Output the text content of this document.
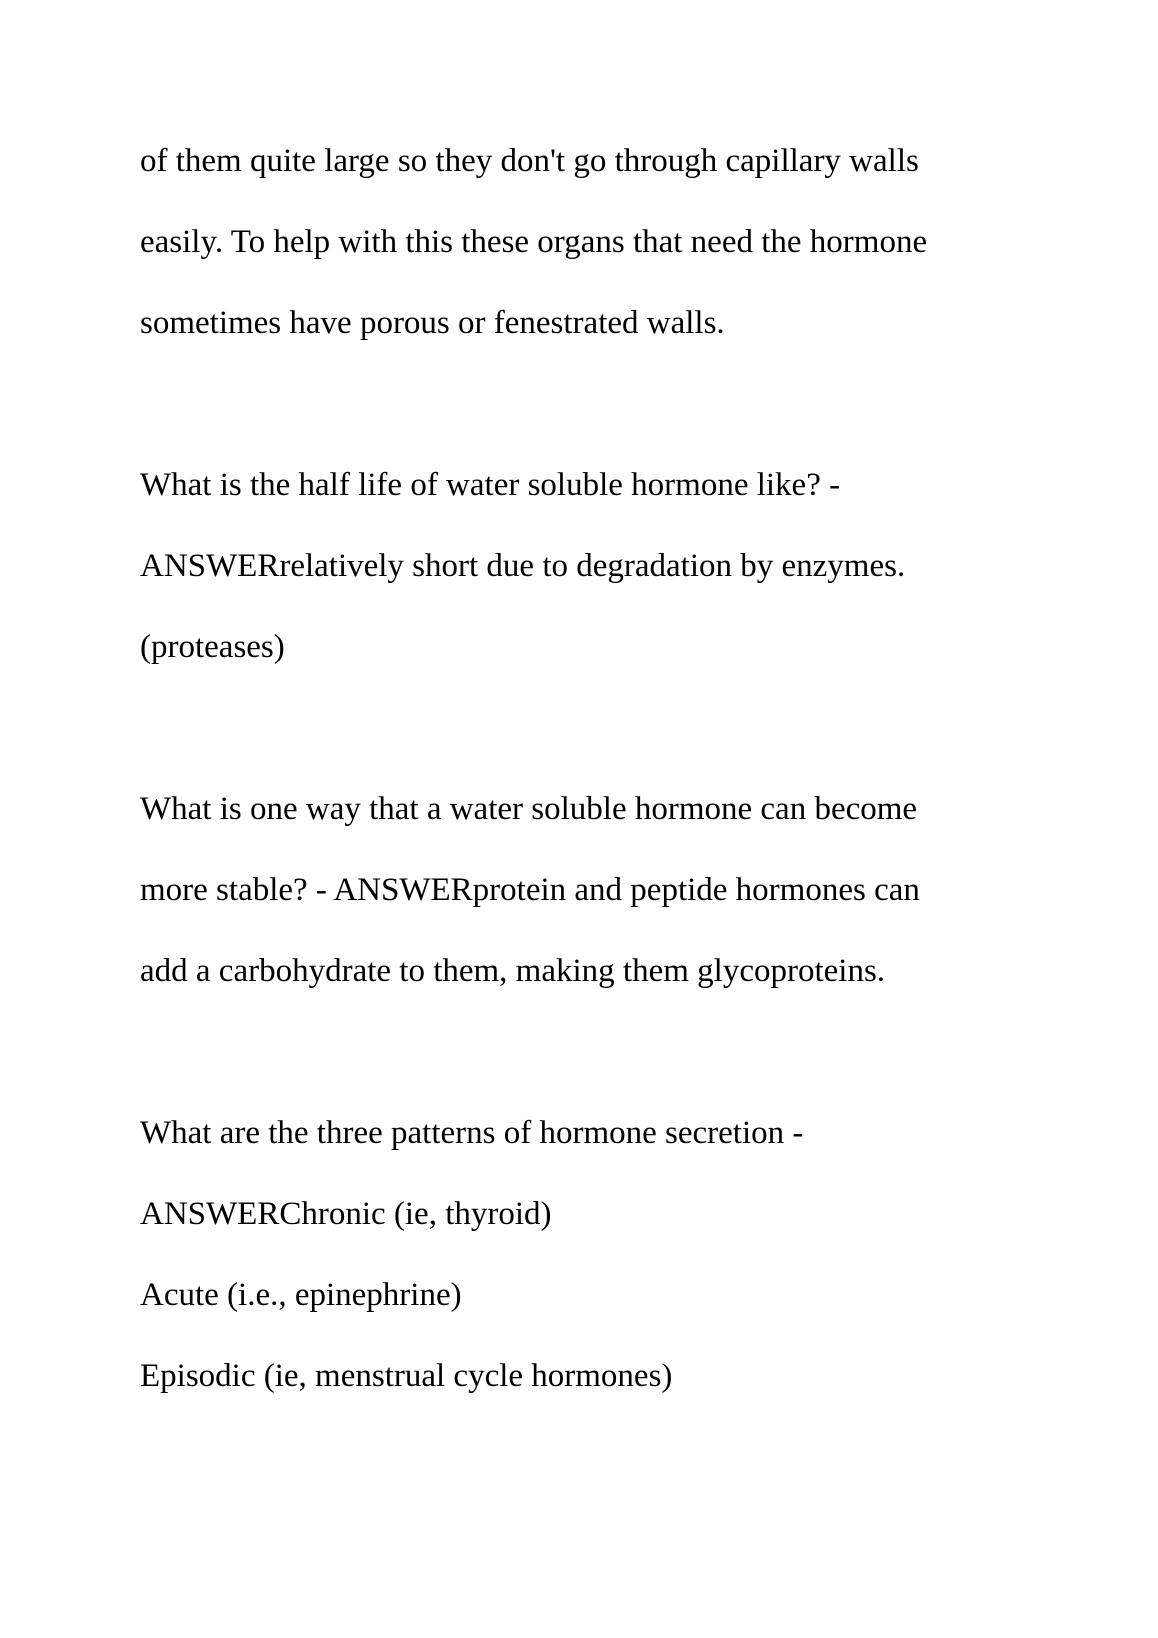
of them quite large so they don't go through capillary walls
easily. To help with this these organs that need the hormone
sometimes have porous or fenestrated walls.
What is the half life of water soluble hormone like? -
ANSWERrelatively short due to degradation by enzymes.
(proteases)
What is one way that a water soluble hormone can become
more stable? - ANSWERprotein and peptide hormones can
add a carbohydrate to them, making them glycoproteins.
What are the three patterns of hormone secretion -
ANSWERChronic (ie, thyroid)
Acute (i.e., epinephrine)
Episodic (ie, menstrual cycle hormones)
